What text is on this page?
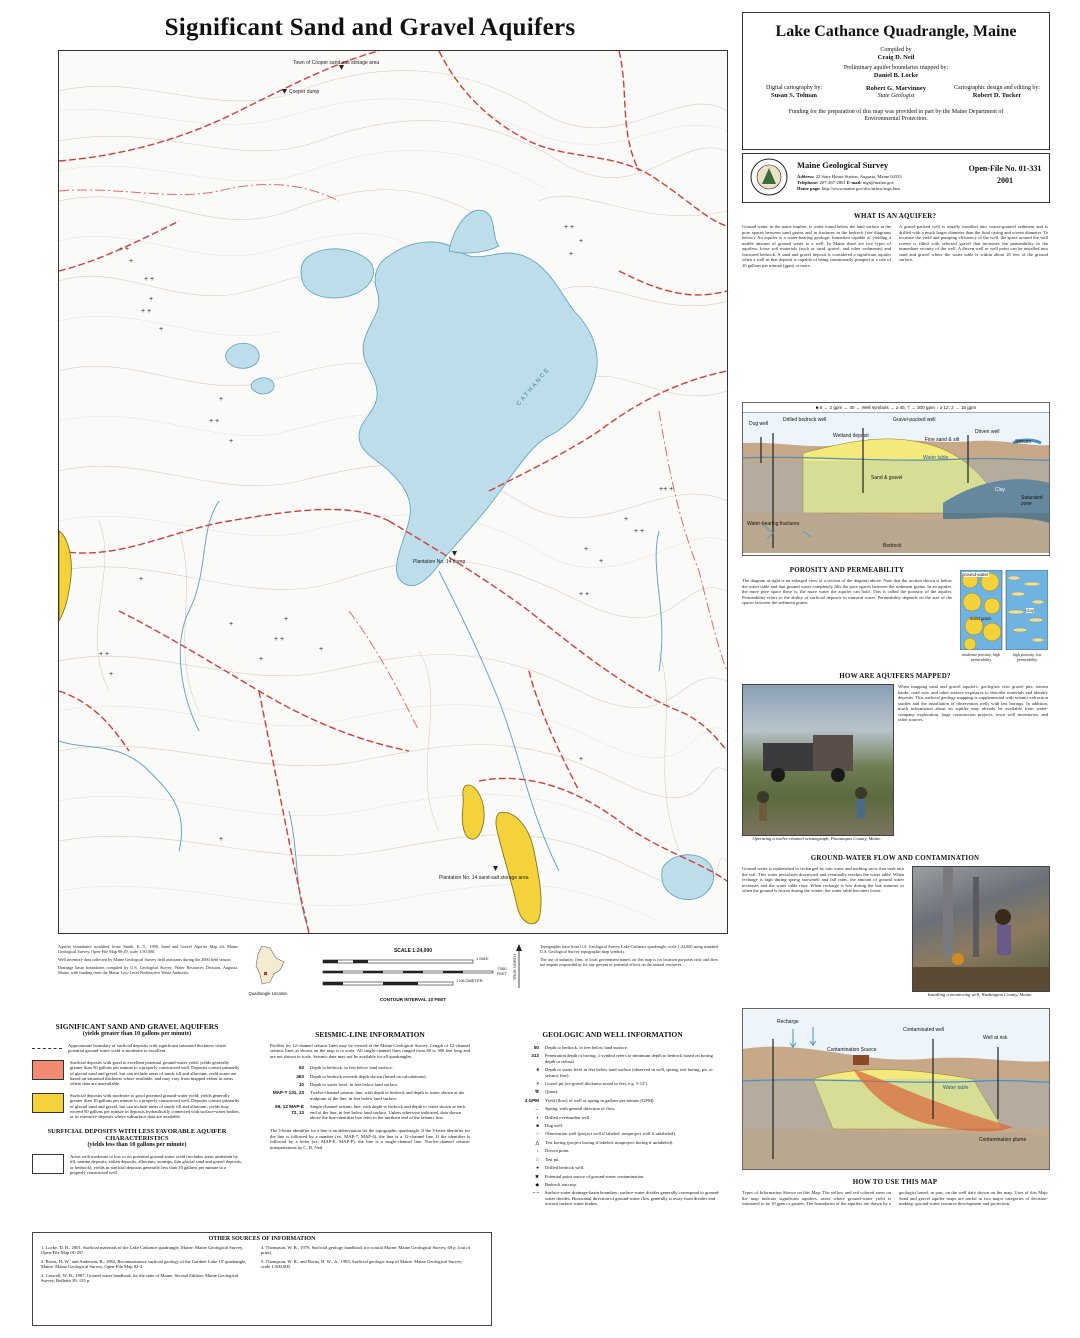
Significant Sand and Gravel Aquifers
+ +
+
+ +
+
+ +
+
+
+ +
+
+ +
+
+
+
+ +
++ +
+
+
+ +
+
+
+ +
+
+ +
+
+
+
+
+
Town of Cooper sand-salt storage area
Cooper dump
Plantation No. 14 dump
Plantation No. 14 sand-salt storage area
CATHANCE
Aquifer boundaries modified from: Smith, E. T., 1990, Sand and Gravel Aquifer Map 44: Maine Geological Survey, Open-File Map 90-29, scale 1:50,000.
Well inventory data collected by Maine Geological Survey field assistants during the 2000 field season.
Drainage basin boundaries compiled by U.S. Geological Survey, Water Resources Division, Augusta, Maine, with funding from the Maine Low-Level Radioactive Waste Authority.
Quadrangle Location
SCALE 1:24,000
1 MILE
7000 FEET
1 KILOMETER
CONTOUR INTERVAL 10 FEET
TRUE NORTH
Topographic base from U.S. Geological Survey Lake Cathance quadrangle, scale 1:24,000 using standard U.S. Geological Survey topographic map symbols.
The use of industry, firm, or local government names on this map is for location purposes only and does not impute responsibility for any present or potential effects on the natural resources.
SIGNIFICANT SAND AND GRAVEL AQUIFERS
(yields greater than 10 gallons per minute)
Approximate boundary of surficial deposits with significant saturated thickness where potential ground-water yield is moderate to excellent.
Surficial deposits with good to excellent potential ground-water yield; yields generally greater than 50 gallons per minute to a properly constructed well. Deposits consist primarily of glacial sand and gravel, but can include areas of sandy till and alluvium; yield zones are based on saturated thickness where available, and may vary from mapped extent in areas where data are unavailable.
Surficial deposits with moderate to good potential ground-water yield; yields generally greater than 10 gallons per minute to a properly constructed well. Deposits consist primarily of glacial sand and gravel, but can include areas of sandy till and alluvium; yields may exceed 50 gallons per minute in deposits hydraulically connected with surface-water bodies, or in extensive deposits where subsurface data are available.
SURFICIAL DEPOSITS WITH LESS FAVORABLE AQUIFER CHARACTERISTICS
(yields less than 10 gallons per minute)
Areas with moderate to low or no potential ground-water yield (includes areas underlain by till, marine deposits, eolian deposits, alluvium, swamps, thin glacial sand and gravel deposits, or bedrock); yields in surficial deposits generally less than 10 gallons per minute to a properly constructed well.
SEISMIC-LINE INFORMATION
Profiles for 12-channel seismic lines may be viewed at the Maine Geological Survey. Length of 12-channel seismic lines as shown on the map is to scale. All single-channel lines ranged from 80 to 300 feet long and are not shown to scale. Seismic data may not be available for all quadrangles.
53 Depth to bedrock, in feet below land surface.
≥63 Depth to bedrock exceeds depth shown (based on calculations).
10 Depth to water level, in feet below land surface.
MAP-T 131, 23 Twelve-channel seismic line, with depth to bedrock and depth to water shown at the midpoint of the line, in feet below land surface.
69, 12 MAP-E 72, 13
Single-channel seismic line, with depth to bedrock and depth to water shown at each end of the line, in feet below land surface. Unless otherwise indicated, data shown above the line-identifier box refer to the northern end of the seismic line.
The 3-letter identifier for a line is an abbreviation for the topographic quadrangle. If the 3-letter identifier for the line is followed by a number (ex: MAP-7, MAP-4), the line is a 12-channel line. If the identifier is followed by a letter (ex: MAP-E, MAP-P), the line is a single-channel line. Twelve-channel seismic interpretations by C. D. Neil.
GEOLOGIC AND WELL INFORMATION
50 Depth to bedrock, in feet below land surface.
≥13 Penetration depth of boring; ≥ symbol refers to minimum depth to bedrock based on boring depth or refusal.
6 Depth to water level in feet below land surface (observed in well, spring, test boring, pit, or seismic line).
× Gravel pit (ex-gravel thickness noted in feet, e.g. 5-12').
⚒ Quarry
4 GPM Yield (flow) of well or spring in gallons per minute (GPM).
→ Spring, with general direction of flow.
◐ Drilled overburden well.
■ Dug well.
○ Observation well (project well if labeled, nonproject well if unlabeled).
△ Test boring (project boring if labeled, nonproject boring if unlabeled).
↓ Driven point.
□ Test pit.
● Drilled bedrock well.
✖ Potential point source of ground-water contamination.
◆ Bedrock outcrop.
– – Surface-water drainage-basin boundary; surface-water divides generally correspond to ground-water divides. Horizontal direction of ground-water flow generally is away from divides and toward surface-water bodies.
OTHER SOURCES OF INFORMATION
1. Locke, D. B., 2001, Surficial materials of the Lake Cathance quadrangle, Maine: Maine Geological Survey, Open-File Map 01-297.
2. Borns, H. W., and Anderson, B., 1982, Reconnaissance surficial geology of the Gardner Lake 15' quadrangle, Maine: Maine Geological Survey, Open-File Map 82-4.
3. Caswell, W. B., 1987, Ground water handbook for the state of Maine, Second Edition: Maine Geological Survey, Bulletin 39, 135 p.
4. Thompson, W. B., 1979, Surficial geology handbook for coastal Maine: Maine Geological Survey, 68 p. (out of print).
5. Thompson, W. B., and Borns, H. W., Jr., 1985, Surficial geologic map of Maine: Maine Geological Survey, scale 1:500,000.
Lake Cathance Quadrangle, Maine
Compiled by
Craig D. Neil
Preliminary aquifer boundaries mapped by:
Daniel B. Locke
Digital cartography by:
Susan S. Tolman
Robert G. Marvinney
State Geologist
Cartographic design and editing by:
Robert D. Tucker
Funding for the preparation of this map was provided in part by the Maine Department of Environmental Protection.
Maine Geological Survey
Address: 22 State House Station, Augusta, Maine 04333
Telephone: 207-287-2801 E-mail: mgs@maine.gov
Home page: http://www.maine.gov/doc/nrimc/mgs.htm
Open-File No. 01-331
2001
WHAT IS AN AQUIFER?
Ground water, in the name implies, is water found below the land surface in the pore spaces between sand grains and in fractures in the bedrock (see diagrams below). An aquifer is a water-bearing geologic formation capable of yielding a usable amount of ground water to a well. In Maine there are two types of aquifers: loose soil materials (such as sand, gravel, and other sediments) and fractured bedrock. A sand and gravel deposit is considered a significant aquifer when a well in that deposit is capable of being continuously pumped at a rate of 10 gallons per minute (gpm) or more.
A gravel-packed well is usually installed into coarse-grained sediment and is drilled with a much larger diameter than the final casing and screen diameter. To increase the yield and pumping efficiency of the well, the space around the well screen is filled with selected gravel that increases the permeability in the immediate vicinity of the well. A driven well or well point can be installed into sand and gravel where the water table is within about 20 feet of the ground surface.
■ 6 → 2 gpm ← 40 ← Well symbols → ≥ 45, 7 → 300 gpm ↓ ≥ 12, 2 → 15 gpm
Dug well
Drilled bedrock well
Wetland deposit
Gravel-packed well
Fine sand & silt
Driven well
Stream
Water table
Sand & gravel
Clay
Saturated zone
Water-bearing fractures
Bedrock
POROSITY AND PERMEABILITY
The diagram at right is an enlarged view of a section of the diagram above. Note that the section shown is below the water table and that ground water completely fills the pore spaces between the sediment grains. In an aquifer, the more pore space there is, the more water the aquifer can hold. This is called the porosity of the aquifer. Permeability refers to the ability of surficial deposits to transmit water. Permeability depends on the size of the spaces between the sediment grains.
ground-water
clay
sand grain
moderate porosity, high permeability
high porosity, low permeability
HOW ARE AQUIFERS MAPPED?
Operating a twelve-channel seismograph, Piscataquis County, Maine.
When mapping sand and gravel aquifers, geologists visit gravel pits, stream banks, road cuts, and other surface exposures to describe materials and identify deposits. This surficial geology mapping is supplemented with seismic-refraction studies and the installation of observation wells with test borings. In addition, much information about an aquifer may already be available from water-company exploration, large construction projects, town well inventories, and other sources.
GROUND-WATER FLOW AND CONTAMINATION
Ground water is replenished or recharged by rain water and melting snow that soak into the soil. This water percolates downward and eventually reaches the water table. When recharge is high during spring snowmelt and fall rains, the amount of ground water increases and the water table rises. When recharge is low during the late summer or when the ground is frozen during the winter, the water table becomes lower.
Installing a monitoring well, Washington County, Maine.
Recharge
Contaminated well
Well at risk
Contamination Source
Water table
Contamination plume
HOW TO USE THIS MAP
Types of Information Shown on this Map: The yellow and red colored areas on the map indicate significant aquifers, areas where ground-water yield is estimated to be 10 gpm or greater. The boundaries of the aquifers are drawn by a geologist based, in part, on the well data shown on the map. Uses of this Map: Sand and gravel aquifer maps are useful in two major categories of decision-making: ground-water resource development and protection.
